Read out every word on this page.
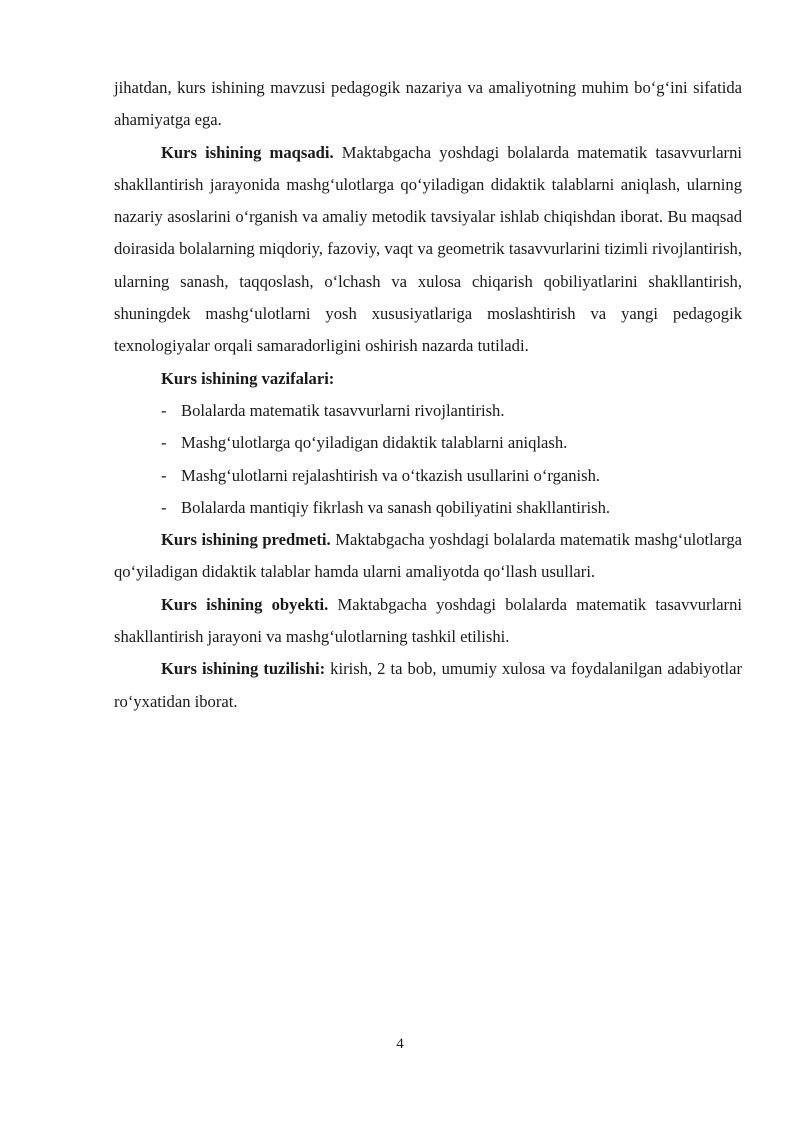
jihatdan, kurs ishining mavzusi pedagogik nazariya va amaliyotning muhim bo‘g‘ini sifatida ahamiyatga ega.

Kurs ishining maqsadi. Maktabgacha yoshdagi bolalarda matematik tasavvurlarni shakllantirish jarayonida mashg‘ulotlarga qo‘yiladigan didaktik talablarni aniqlash, ularning nazariy asoslarini o‘rganish va amaliy metodik tavsiyalar ishlab chiqishdan iborat. Bu maqsad doirasida bolalarning miqdoriy, fazoviy, vaqt va geometrik tasavvurlarini tizimli rivojlantirish, ularning sanash, taqqoslash, o‘lchash va xulosa chiqarish qobiliyatlarini shakllantirish, shuningdek mashg‘ulotlarni yosh xususiyatlariga moslashtirish va yangi pedagogik texnologiyalar orqali samaradorligini oshirish nazarda tutiladi.

Kurs ishining vazifalari:

- Bolalarda matematik tasavvurlarni rivojlantirish.
- Mashg‘ulotlarga qo‘yiladigan didaktik talablarni aniqlash.
- Mashg‘ulotlarni rejalashtirish va o‘tkazish usullarini o‘rganish.
- Bolalarda mantiqiy fikrlash va sanash qobiliyatini shakllantirish.

Kurs ishining predmeti. Maktabgacha yoshdagi bolalarda matematik mashg‘ulotlarga qo‘yiladigan didaktik talablar hamda ularni amaliyotda qo‘llash usullari.

Kurs ishining obyekti. Maktabgacha yoshdagi bolalarda matematik tasavvurlarni shakllantirish jarayoni va mashg‘ulotlarning tashkil etilishi.

Kurs ishining tuzilishi: kirish, 2 ta bob, umumiy xulosa va foydalanilgan adabiyotlar ro‘yxatidan iborat.

4
